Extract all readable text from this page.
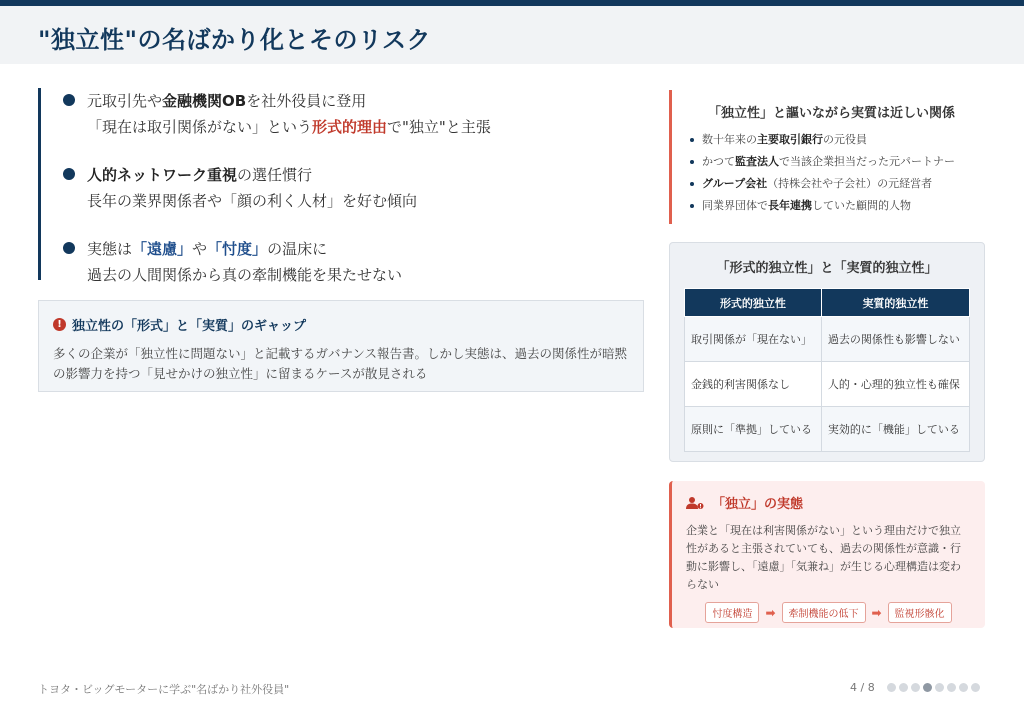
"独立性"の名ばかり化とそのリスク
元取引先や金融機関OBを社外役員に登用
「現在は取引関係がない」という形式的理由で"独立"と主張
人的ネットワーク重視の選任慣行
長年の業界関係者や「顔の利く人材」を好む傾向
実態は「遠慮」や「忖度」の温床に
過去の人間関係から真の牽制機能を果たせない
! 独立性の「形式」と「実質」のギャップ
多くの企業が「独立性に問題ない」と記載するガバナンス報告書。しかし実態は、過去の関係性が暗黙の影響力を持つ「見せかけの独立性」に留まるケースが散見される
「独立性」と謳いながら実質は近しい関係
数十年来の主要取引銀行の元役員
かつて監査法人で当該企業担当だった元パートナー
グループ会社（持株会社や子会社）の元経営者
同業界団体で長年連携していた顧問的人物
「形式的独立性」と「実質的独立性」
形式的独立性	実質的独立性
取引関係が「現在ない」	過去の関係性も影響しない
金銭的利害関係なし	人的・心理的独立性も確保
原則に「準拠」している	実効的に「機能」している
「独立」の実態
企業と「現在は利害関係がない」という理由だけで独立性があると主張されていても、過去の関係性が意識・行動に影響し、「遠慮」「気兼ね」が生じる心理構造は変わらない
忖度構造	➡	牽制機能の低下	➡	監視形骸化
トヨタ・ビッグモーターに学ぶ"名ばかり社外役員"	4 / 8
